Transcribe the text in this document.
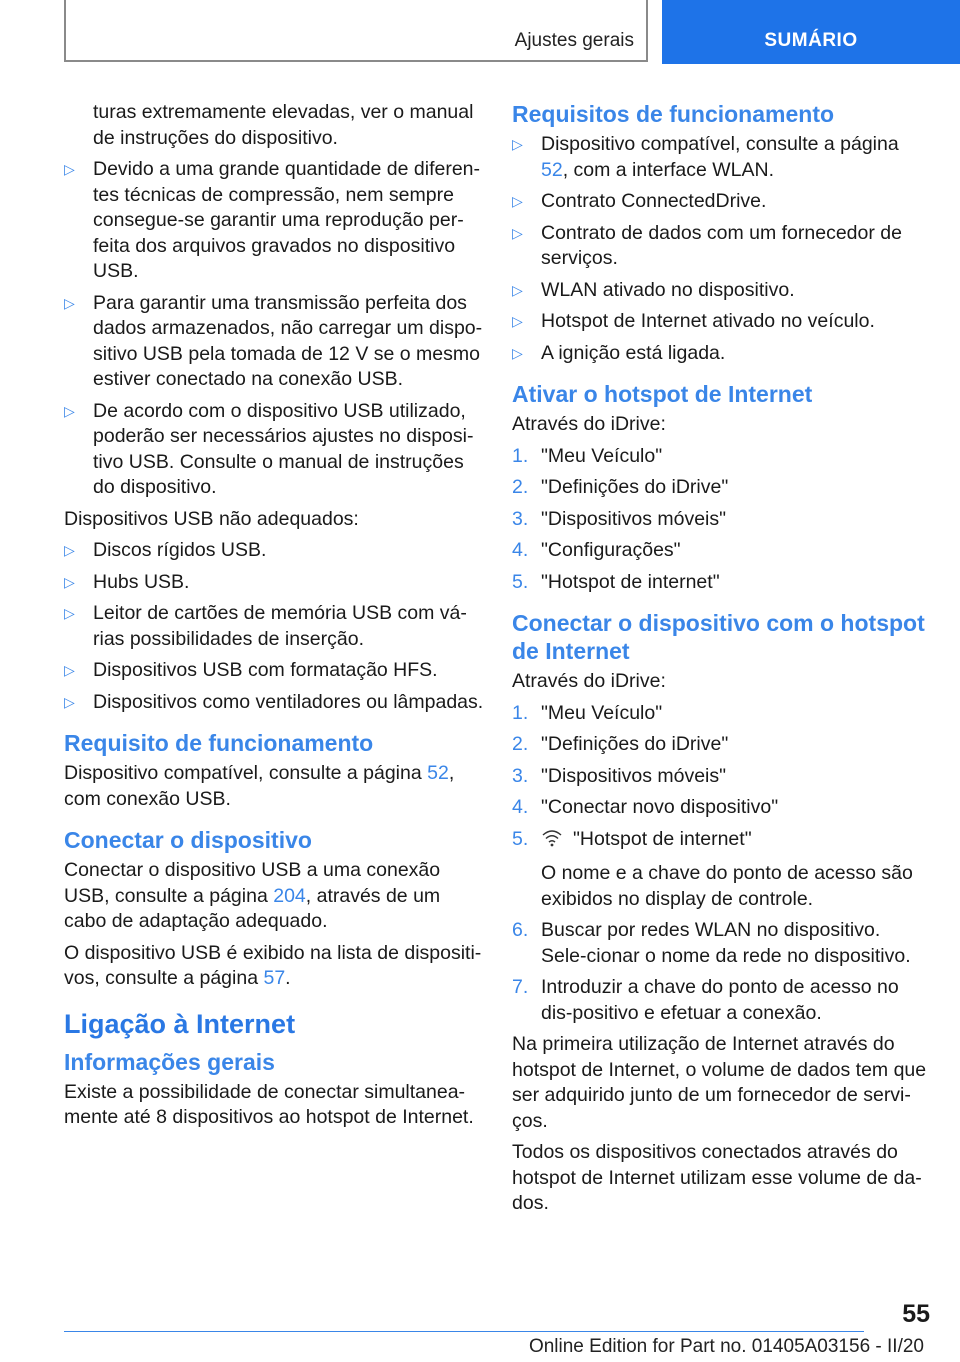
Ajustes gerais	SUMÁRIO

turas extremamente elevadas, ver o manual de instruções do dispositivo.

▷ Devido a uma grande quantidade de diferen-tes técnicas de compressão, nem sempre consegue-se garantir uma reprodução per-feita dos arquivos gravados no dispositivo USB.
▷ Para garantir uma transmissão perfeita dos dados armazenados, não carregar um dispo-sitivo USB pela tomada de 12 V se o mesmo estiver conectado na conexão USB.
▷ De acordo com o dispositivo USB utilizado, poderão ser necessários ajustes no disposi-tivo USB. Consulte o manual de instruções do dispositivo.

Dispositivos USB não adequados:

▷ Discos rígidos USB.
▷ Hubs USB.
▷ Leitor de cartões de memória USB com vá-rias possibilidades de inserção.
▷ Dispositivos USB com formatação HFS.
▷ Dispositivos como ventiladores ou lâmpadas.
Requisito de funcionamento

Dispositivo compatível, consulte a página 52, com conexão USB.

Conectar o dispositivo

Conectar o dispositivo USB a uma conexão USB, consulte a página 204, através de um cabo de adaptação adequado.

O dispositivo USB é exibido na lista de dispositi-vos, consulte a página 57.

Ligação à Internet
Informações gerais

Existe a possibilidade de conectar simultanea-mente até 8 dispositivos ao hotspot de Internet.

Requisitos de funcionamento
▷ Dispositivo compatível, consulte a página 52, com a interface WLAN.
▷ Contrato ConnectedDrive.
▷ Contrato de dados com um fornecedor de serviços.
▷ WLAN ativado no dispositivo.
▷ Hotspot de Internet ativado no veículo.
▷ A ignição está ligada.
Ativar o hotspot de Internet

Através do iDrive:

1. "Meu Veículo"
2. "Definições do iDrive"
3. "Dispositivos móveis"
4. "Configurações"
5. "Hotspot de internet"
Conectar o dispositivo com o hotspot de Internet

Através do iDrive:

1. "Meu Veículo"
2. "Definições do iDrive"
3. "Dispositivos móveis"
4. "Conectar novo dispositivo"
5. "Hotspot de internet"

O nome e a chave do ponto de acesso são exibidos no display de controle.

6. Buscar por redes WLAN no dispositivo. Sele-cionar o nome da rede no dispositivo.
7. Introduzir a chave do ponto de acesso no dis-positivo e efetuar a conexão.

Na primeira utilização de Internet através do hotspot de Internet, o volume de dados tem que ser adquirido junto de um fornecedor de servi-ços.

Todos os dispositivos conectados através do hotspot de Internet utilizam esse volume de da-dos.

55
Online Edition for Part no. 01405A03156 - II/20
